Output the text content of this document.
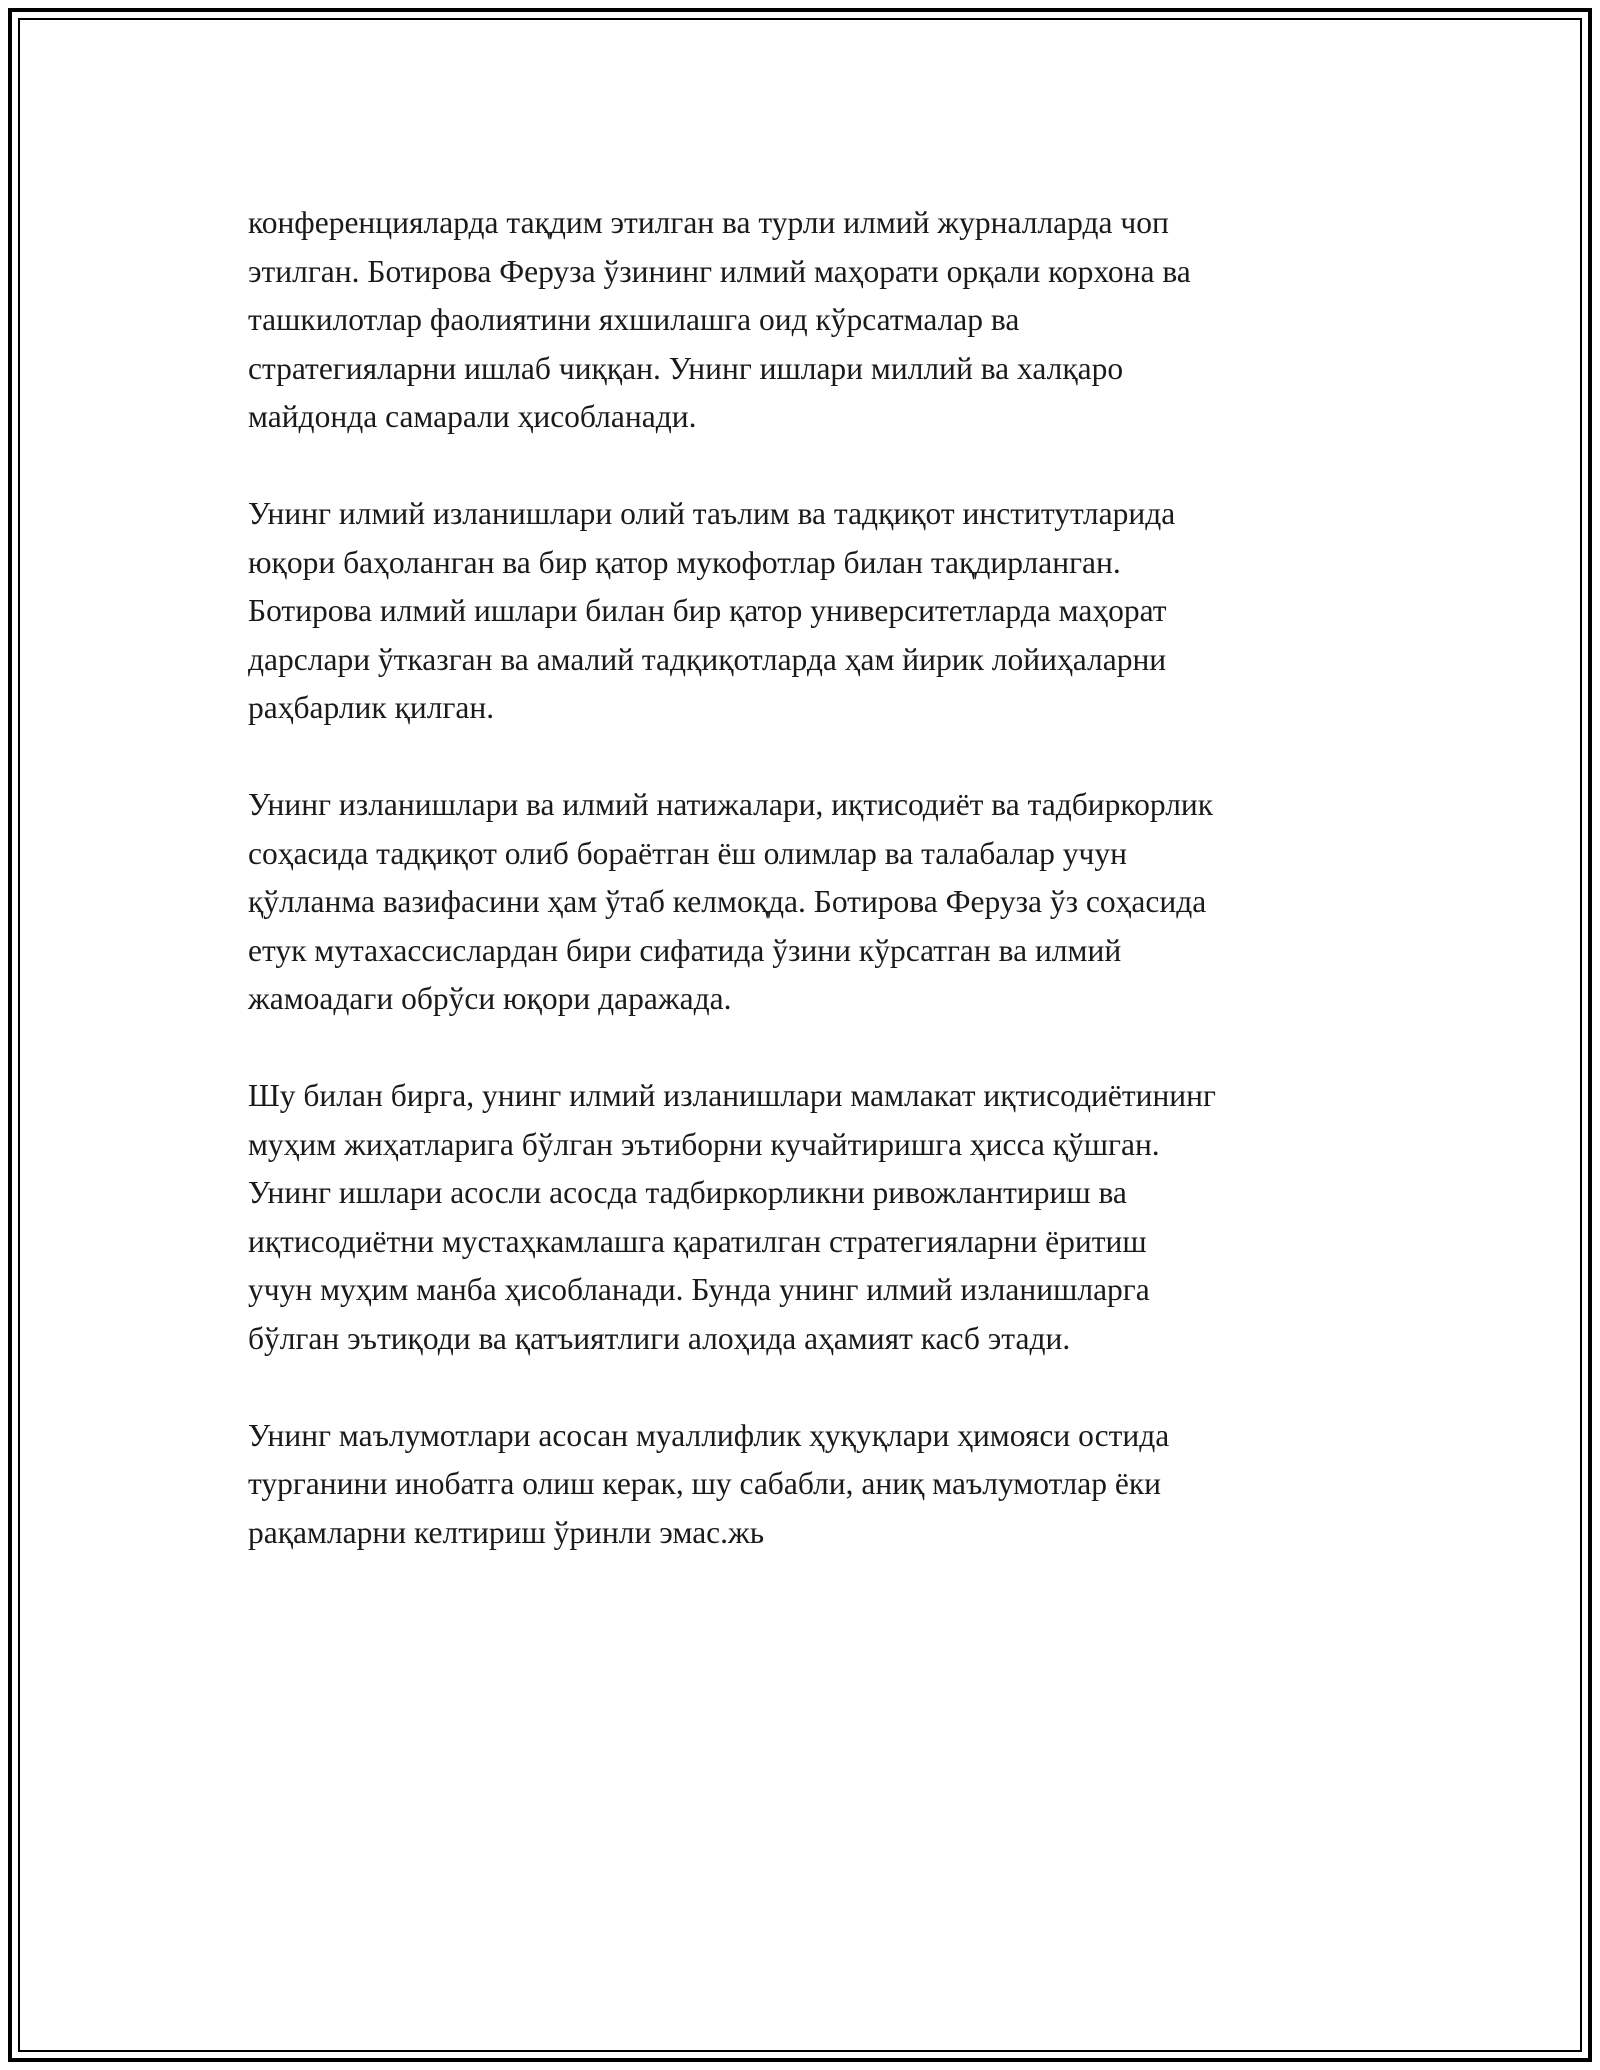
конференцияларда тақдим этилган ва турли илмий журналларда чоп
этилган. Ботирова Феруза ўзининг илмий маҳорати орқали корхона ва
ташкилотлар фаолиятини яхшилашга оид кўрсатмалар ва
стратегияларни ишлаб чиққан. Унинг ишлари миллий ва халқаро
майдонда самарали ҳисобланади.

Унинг илмий изланишлари олий таълим ва тадқиқот институтларида
юқори баҳоланган ва бир қатор мукофотлар билан тақдирланган.
Ботирова илмий ишлари билан бир қатор университетларда маҳорат
дарслари ўтказган ва амалий тадқиқотларда ҳам йирик лойиҳаларни
раҳбарлик қилган.

Унинг изланишлари ва илмий натижалари, иқтисодиёт ва тадбиркорлик
соҳасида тадқиқот олиб бораётган ёш олимлар ва талабалар учун
қўлланма вазифасини ҳам ўтаб келмоқда. Ботирова Феруза ўз соҳасида
етук мутахассислардан бири сифатида ўзини кўрсатган ва илмий
жамоадаги обрўси юқори даражада.

Шу билан бирга, унинг илмий изланишлари мамлакат иқтисодиётининг
муҳим жиҳатларига бўлган эътиборни кучайтиришга ҳисса қўшган.
Унинг ишлари асосли асосда тадбиркорликни ривожлантириш ва
иқтисодиётни мустаҳкамлашга қаратилган стратегияларни ёритиш
учун муҳим манба ҳисобланади. Бунда унинг илмий изланишларга
бўлган эътиқоди ва қатъиятлиги алоҳида аҳамият касб этади.

Унинг маълумотлари асосан муаллифлик ҳуқуқлари ҳимояси остида
турганини инобатга олиш керак, шу сабабли, аниқ маълумотлар ёки
рақамларни келтириш ўринли эмас.жь
